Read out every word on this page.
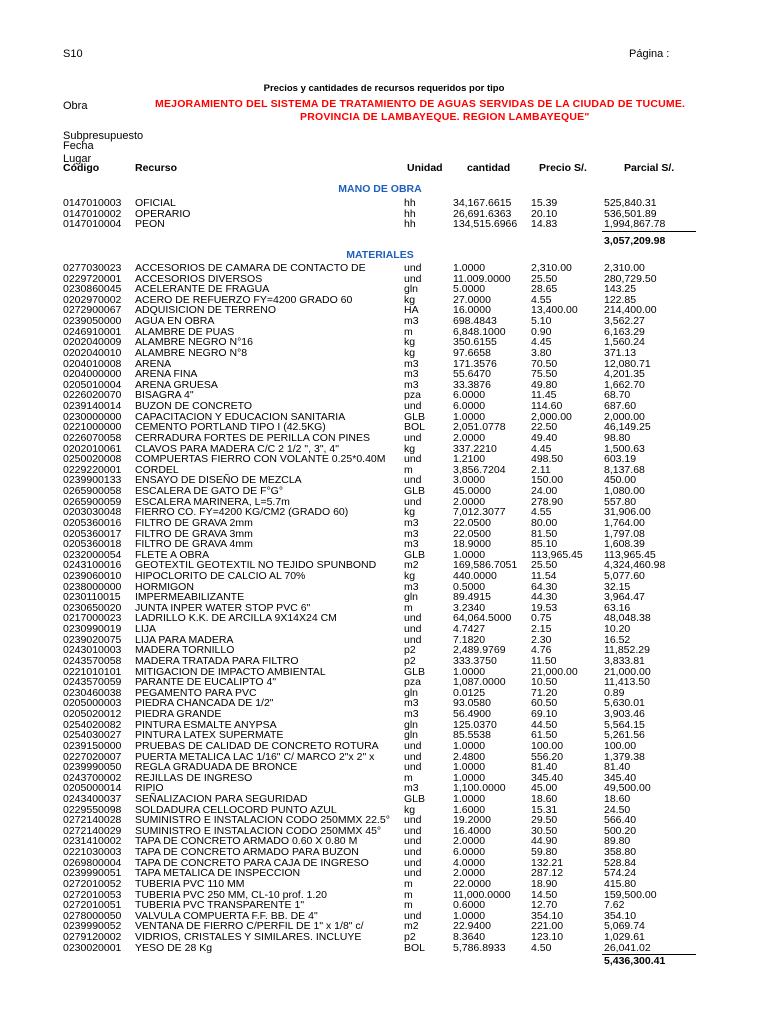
S10	Página :
Precios y cantidades de recursos requeridos por tipo
Obra	MEJORAMIENTO DEL SISTEMA DE TRATAMIENTO DE AGUAS SERVIDAS DE LA CIUDAD DE TUCUME.
PROVINCIA DE LAMBAYEQUE. REGION LAMBAYEQUE"
Subpresupuesto
Fecha
Lugar
Código	Recurso	Unidad cantidad	Precio S/.	Parcial S/.
MANO DE OBRA
0147010003 OFICIAL	hh	34,167.6615 15.39	525,840.31
0147010002 OPERARIO	hh	26,691.6363 20.10	536,501.89
0147010004 PEON	hh	134,515.6966 14.83	1,994,867.78
3,057,209.98
MATERIALES
0277030023 ACCESORIOS DE CAMARA DE CONTACTO DE	und	1.0000	2,310.00	2,310.00
0229720001 ACCESORIOS DIVERSOS	und	11.009.0000 25.50	280,729.50
0230860045 ACELERANTE DE FRAGUA	gln	5.0000	28.65	143.25
0202970002 ACERO DE REFUERZO FY=4200 GRADO 60	kg	27.0000	4.55	122.85
0272900067 ADQUISICION DE TERRENO	HA	16.0000	13,400.00	214,400.00
0239050000 AGUA EN OBRA	m3	698.4843	5.10	3,562.27
0246910001 ALAMBRE DE PUAS	m	6,848.1000 0.90	6,163.29
0202040009 ALAMBRE NEGRO N°16	kg	350.6155	4.45	1,560.24
0202040010 ALAMBRE NEGRO N°8	kg	97.6658	3.80	371.13
0204010008 ARENA	m3	171.3576	70.50	12,080.71
0204000000 ARENA FINA	m3	55.6470	75.50	4,201.35
0205010004 ARENA GRUESA	m3	33.3876	49.80	1,662.70
0226020070 BISAGRA 4"	pza	6.0000	11.45	68.70
0239140014 BUZON DE CONCRETO	und	6.0000	114.60	687.60
0230000000 CAPACITACION Y EDUCACION SANITARIA	GLB	1.0000	2,000.00	2,000.00
0221000000 CEMENTO PORTLAND TIPO I (42.5KG)	BOL	2,051.0778 22.50	46,149.25
0226070058 CERRADURA FORTES DE PERILLA CON PINES	und	2.0000	49.40	98.80
0202010061 CLAVOS PARA MADERA C/C 2 1/2 ", 3", 4"	kg	337.2210	4.45	1,500.63
0250020008 COMPUERTAS FIERRO CON VOLANTE 0.25*0.40M und	1.2100	498.50	603.19
0229220001 CORDEL	m	3,856.7204 2.11	8,137.68
0239900133 ENSAYO DE DISEÑO DE MEZCLA	und	3.0000	150.00	450.00
0265900058 ESCALERA DE GATO DE F°G°	GLB	45.0000	24.00	1,080.00
0265900059 ESCALERA MARINERA, L=5.7m	und	2.0000	278.90	557.80
0203030048 FIERRO CO. FY=4200 KG/CM2 (GRADO 60)	kg	7,012.3077 4.55	31,906.00
0205360016 FILTRO DE GRAVA 2mm	m3	22.0500	80.00	1,764.00
0205360017 FILTRO DE GRAVA 3mm	m3	22.0500	81.50	1,797.08
0205360018 FILTRO DE GRAVA 4mm	m3	18.9000	85.10	1,608.39
0232000054 FLETE A OBRA	GLB	1.0000	113,965.45 113,965.45
0243100016 GEOTEXTIL GEOTEXTIL NO TEJIDO SPUNBOND	m2	169,586.7051 25.50	4,324,460.98
0239060010 HIPOCLORITO DE CALCIO AL 70%	kg	440.0000	11.54	5,077.60
0238000000 HORMIGON	m3	0.5000	64.30	32.15
0230110015 IMPERMEABILIZANTE	gln	89.4915	44.30	3,964.47
0230650020 JUNTA INPER WATER STOP PVC 6"	m	3.2340	19.53	63.16
0217000023 LADRILLO K.K. DE ARCILLA 9X14X24 CM	und	64,064.5000 0.75	48,048.38
0230990019 LIJA	und	4.7427	2.15	10.20
0239020075 LIJA PARA MADERA	und	7.1820	2.30	16.52
0243010003 MADERA TORNILLO	p2	2,489.9769 4.76	11,852.29
0243570058 MADERA TRATADA PARA FILTRO	p2	333.3750	11.50	3,833.81
0221010101 MITIGACION DE IMPACTO AMBIENTAL	GLB	1.0000	21,000.00	21,000.00
0243570059 PARANTE DE EUCALIPTO 4"	pza	1,087.0000 10.50	11,413.50
0230460038 PEGAMENTO PARA PVC	gln	0.0125	71.20	0.89
0205000003 PIEDRA CHANCADA DE 1/2"	m3	93.0580	60.50	5,630.01
0205020012 PIEDRA GRANDE	m3	56.4900	69.10	3,903.46
0254020082 PINTURA ESMALTE ANYPSA	gln	125.0370	44.50	5,564.15
0254030027 PINTURA LATEX SUPERMATE	gln	85.5538	61.50	5,261.56
0239150000 PRUEBAS DE CALIDAD DE CONCRETO ROTURA und	1.0000	100.00	100.00
0227020007 PUERTA METALICA LAC 1/16" C/ MARCO 2"x 2" x	und	2.4800	556.20	1,379.38
0239990050 REGLA GRADUADA DE BRONCE	und	1.0000	81.40	81.40
0243700002 REJILLAS DE INGRESO	m	1.0000	345.40	345.40
0205000014 RIPIO	m3	1,100.0000 45.00	49,500.00
0243400037 SEÑALIZACION PARA SEGURIDAD	GLB	1.0000	18.60	18.60
0229550098 SOLDADURA CELLOCORD PUNTO AZUL	kg	1.6000	15.31	24.50
0272140028 SUMINISTRO E INSTALACION CODO 250MMX 22.5° und	19.2000	29.50	566.40
0272140029 SUMINISTRO E INSTALACION CODO 250MMX 45° und	16.4000	30.50	500.20
0231410002 TAPA DE CONCRETO ARMADO 0.60 X 0.80 M	und	2.0000	44.90	89.80
0221030003 TAPA DE CONCRETO ARMADO PARA BUZON	und	6.0000	59.80	358.80
0269800004 TAPA DE CONCRETO PARA CAJA DE INGRESO	und	4.0000	132.21	528.84
0239990051 TAPA METALICA DE INSPECCION	und	2.0000	287.12	574.24
0272010052 TUBERIA PVC 110 MM	m	22.0000	18.90	415.80
0272010053 TUBERIA PVC 250 MM, CL-10 prof. 1.20	m	11,000.0000 14.50	159,500.00
0272010051 TUBERIA PVC TRANSPARENTE 1"	m	0.6000	12.70	7.62
0278000050 VALVULA COMPUERTA F.F. BB. DE 4"	und	1.0000	354.10	354.10
0239990052 VENTANA DE FIERRO C/PERFIL DE 1" x 1/8" c/	m2	22.9400	221.00	5,069.74
0279120002 VIDRIOS, CRISTALES Y SIMILARES. INCLUYE	p2	8.3640	123.10	1,029.61
0230020001 YESO DE 28 Kg	BOL	5,786.8933 4.50	26,041.02
5,436,300.41
